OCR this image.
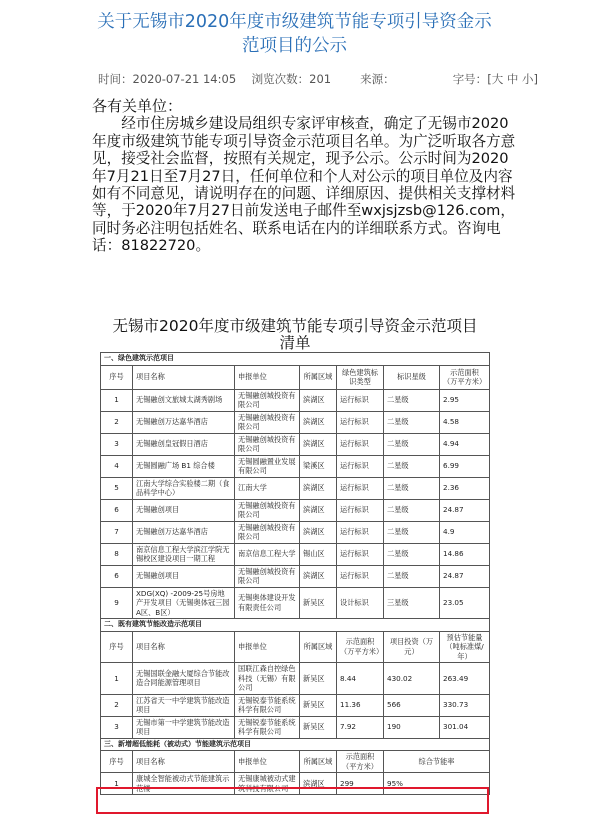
关于无锡市2020年度市级建筑节能专项引导资金示
范项目的公示
时间： 2020-07-21 14:05 浏览次数： 201	来源：	字号： [ 大
中
小 ]

各有关单位：

经市住房城乡建设局组织专家评审核查，确定了无锡市2020年度市级建筑节能专项引导资金示范项目名单。为广泛听取各方意见，接受社会监督，按照有关规定，现予公示。公示时间为2020年7月21日至7月27日，任何单位和个人对公示的项目单位及内容如有不同意见，请说明存在的问题、详细原因、提供相关支撑材料等，于2020年7月27日前发送电子邮件至wxjsjzsb@126.com，同时务必注明包括姓名、联系电话在内的详细联系方式。咨询电话：81822720。

无锡市2020年度市级建筑节能专项引导资金示范项目
清单
一、绿色建筑示范项目						
序号	项目名称	申报单位	所属区域	绿色建筑标识类型	标识星级	示范面积（万平方米）
1	无锡融创文旅城太湖秀剧场	无锡融创城投资有限公司	滨湖区	运行标识	二星级	2.95
2	无锡融创万达嘉华酒店	无锡融创城投资有限公司	滨湖区	运行标识	二星级	4.58
3	无锡融创皇冠假日酒店	无锡融创城投资有限公司	滨湖区	运行标识	二星级	4.94
4	无锡圆融广场 B1 综合楼	无锡圆融置业发展有限公司	梁溪区	运行标识	二星级	6.99
5	江南大学综合实验楼二期（食品科学中心）	江南大学	滨湖区	运行标识	二星级	2.36
6	无锡融创项目	无锡融创城投资有限公司	滨湖区	运行标识	二星级	24.87
7	无锡融创万达嘉华酒店	无锡融创城投资有限公司	滨湖区	运行标识	二星级	4.9
8	南京信息工程大学滨江学院无锡校区建设项目一期工程	南京信息工程大学	锡山区	运行标识	二星级	14.86
6	无锡融创项目	无锡融创城投资有限公司	滨湖区	运行标识	二星级	24.87
9	XDG(XQ) -2009-25号房地产开发项目（无锡奥体冠三园A区、B区）	无锡奥体建设开发有限责任公司	新吴区	设计标识	三星级	23.05
二、既有建筑节能改造示范项目						
序号	项目名称	申报单位	所属区域	示范面积（万平方米）	项目投资（万元）	预估节能量（吨标准煤/年）
1	无锡国联金融大厦综合节能改造合同能源管理项目	国联江森自控绿色科技（无锡）有限公司	新吴区	8.44	430.02	263.49
2	江苏省天一中学建筑节能改造项目	无锡锐泰节能系统科学有限公司	新吴区	11.36	566	330.73
3	无锡市第一中学建筑节能改造项目	无锡锐泰节能系统科学有限公司	新吴区	7.92	190	301.04
三、新增超低能耗（被动式）节能建筑示范项目						
序号	项目名称	申报单位	所属区域	示范面积（平方米）	综合节能率	
1	康城全智能被动式节能建筑示范楼	无锡康城被动式建筑科技有限公司	滨湖区	299	95%	
